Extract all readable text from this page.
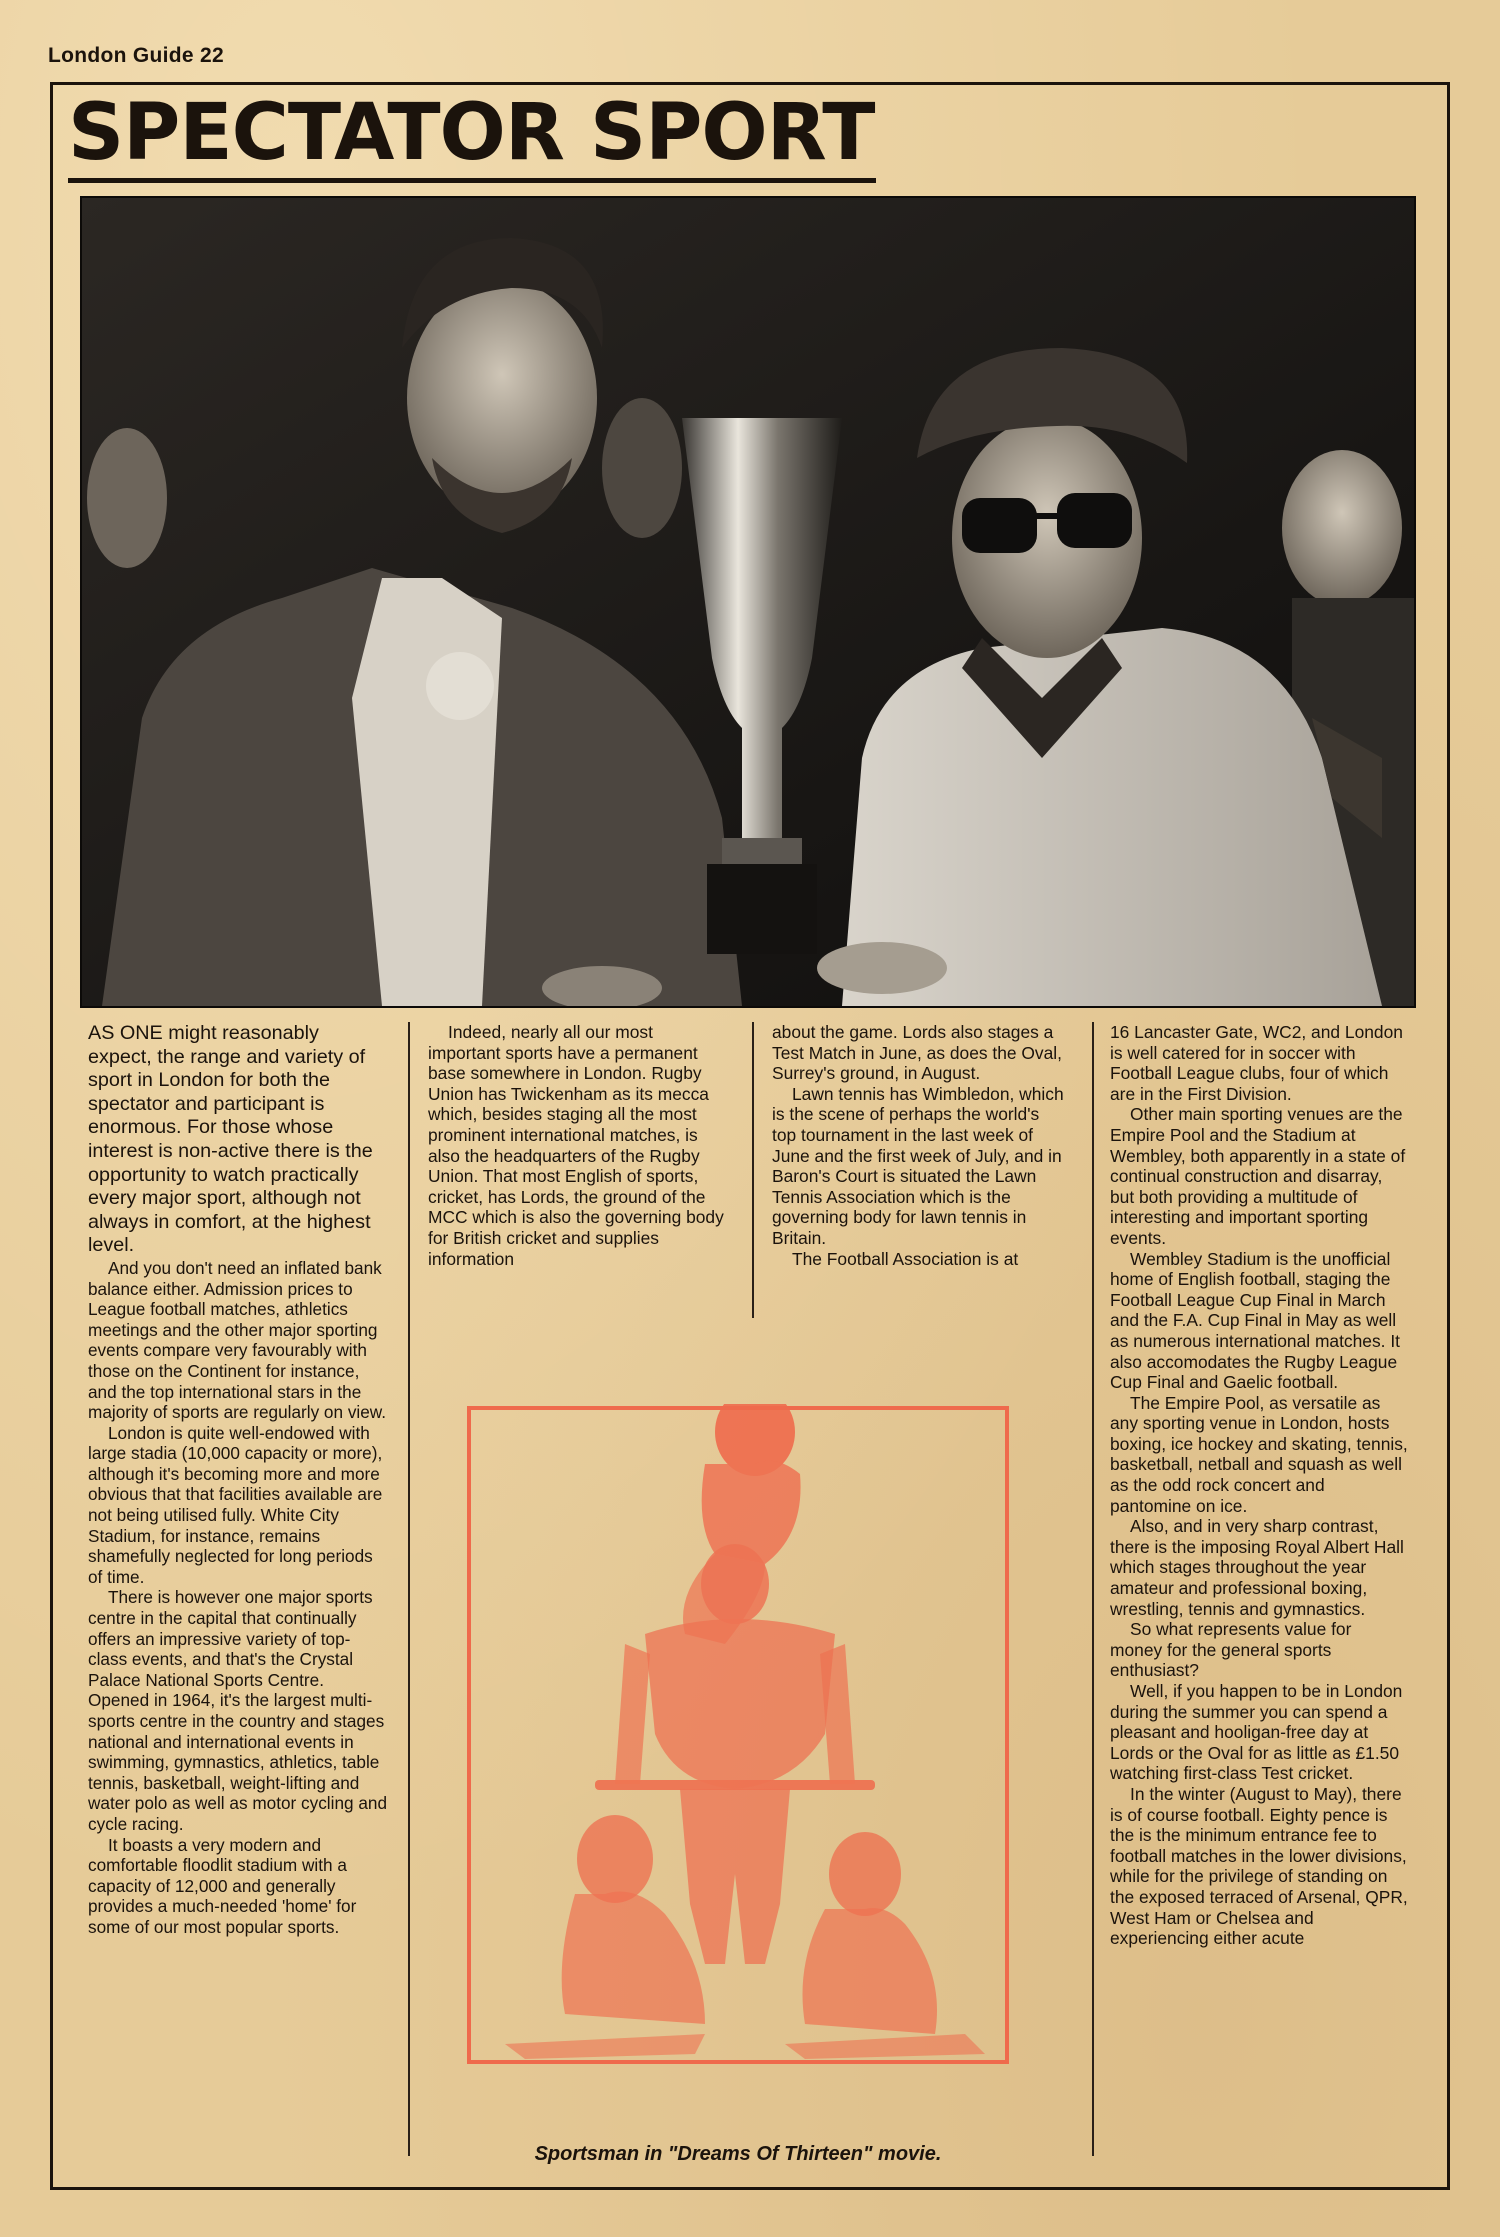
London Guide 22
SPECTATOR SPORT

AS ONE might reasonably expect, the range and variety of sport in London for both the spectator and participant is enormous. For those whose interest is non-active there is the opportunity to watch practically every major sport, although not always in comfort, at the highest level.

And you don't need an inflated bank balance either. Admission prices to League football matches, athletics meetings and the other major sporting events compare very favourably with those on the Continent for instance, and the top international stars in the majority of sports are regularly on view.

London is quite well-endowed with large stadia (10,000 capacity or more), although it's becoming more and more obvious that that facilities available are not being utilised fully. White City Stadium, for instance, remains shamefully neglected for long periods of time.

There is however one major sports centre in the capital that continually offers an impressive variety of top-class events, and that's the Crystal Palace National Sports Centre. Opened in 1964, it's the largest multi-sports centre in the country and stages national and international events in swimming, gymnastics, athletics, table tennis, basketball, weight-lifting and water polo as well as motor cycling and cycle racing.

It boasts a very modern and comfortable floodlit stadium with a capacity of 12,000 and generally provides a much-needed 'home' for some of our most popular sports.

Indeed, nearly all our most important sports have a permanent base somewhere in London. Rugby Union has Twickenham as its mecca which, besides staging all the most prominent international matches, is also the headquarters of the Rugby Union. That most English of sports, cricket, has Lords, the ground of the MCC which is also the governing body for British cricket and supplies information

about the game. Lords also stages a Test Match in June, as does the Oval, Surrey's ground, in August.

Lawn tennis has Wimbledon, which is the scene of perhaps the world's top tournament in the last week of June and the first week of July, and in Baron's Court is situated the Lawn Tennis Association which is the governing body for lawn tennis in Britain.

The Football Association is at

16 Lancaster Gate, WC2, and London is well catered for in soccer with Football League clubs, four of which are in the First Division.

Other main sporting venues are the Empire Pool and the Stadium at Wembley, both apparently in a state of continual construction and disarray, but both providing a multitude of interesting and important sporting events.

Wembley Stadium is the unofficial home of English football, staging the Football League Cup Final in March and the F.A. Cup Final in May as well as numerous international matches. It also accomodates the Rugby League Cup Final and Gaelic football.

The Empire Pool, as versatile as any sporting venue in London, hosts boxing, ice hockey and skating, tennis, basketball, netball and squash as well as the odd rock concert and pantomine on ice.

Also, and in very sharp contrast, there is the imposing Royal Albert Hall which stages throughout the year amateur and professional boxing, wrestling, tennis and gymnastics.

So what represents value for money for the general sports enthusiast?

Well, if you happen to be in London during the summer you can spend a pleasant and hooligan-free day at Lords or the Oval for as little as £1.50 watching first-class Test cricket.

In the winter (August to May), there is of course football. Eighty pence is the is the minimum entrance fee to football matches in the lower divisions, while for the privilege of standing on the exposed terraced of Arsenal, QPR, West Ham or Chelsea and experiencing either acute

Sportsman in "Dreams Of Thirteen" movie.
